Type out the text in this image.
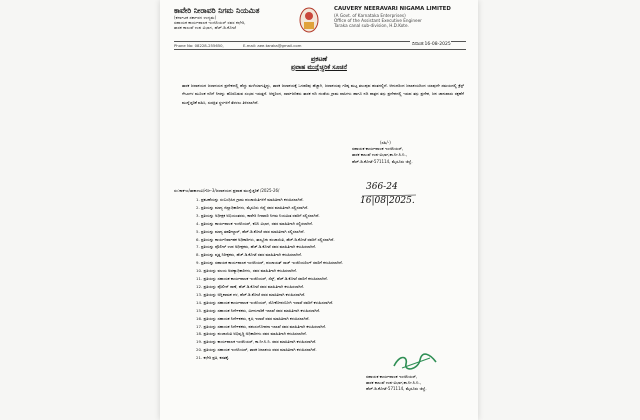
ಕಾವೇರಿ ನೀರಾವರಿ ನಿಗಮ ನಿಯಮಿತ
(ಕರ್ನಾಟಕ ಸರ್ಕಾರದ ಉದ್ಯಮ)
ಸಹಾಯಕ ಕಾರ್ಯಪಾಲಕ ಇಂಜಿನಿಯರ್ ರವರ ಕಛೇರಿ,
ತಾರಕ ಕಾಲುವೆ ಉಪ ವಿಭಾಗ, ಹೆಚ್.ಡಿ.ಕೋಟೆ
CAUVERY NEERAVARI NIGAMA LIMITED
(A Govt. of Karnataka Enterprises)
Office of the Assistant Executive Engineer
Taraka canal sub-division, H.D.Kote.
Phone No: 08228-255650,	E-mail: aee.taraka@gmail.com	ದಿನಾಂಕ:16-08-2025
ಪ್ರಕಟಣೆ
ಪ್ರವಾಹ ಮುನ್ನೆಚ್ಚರಿಕೆ ಸೂಚನೆ
ತಾರಕ ಜಲಾಶಯದ ಜಲಾನಯನ ಪ್ರದೇಶದಲ್ಲಿ ಹೆಚ್ಚು ಮಳೆಯಾಗುತ್ತಿದ್ದು, ತಾರಕ ಜಲಾಶಯಕ್ಕೆ ಒಳಹರಿವು ಹೆಚ್ಚಾಗಿ, ಜಲಾಶಯವು ಗರಿಷ್ಠ ಮಟ್ಟ ತಲುಪುವ ಹಂತದಲ್ಲಿದೆ. ಆದುದರಿಂದ ಜಲಾಶಯದಿಂದ ಯಾವುದೇ ಸಮಯದಲ್ಲಿ ಕ್ರೆಸ್ಟ್ ಗೇಟುಗಳ ಮೂಲಕ ನದಿಗೆ ನೀರನ್ನು ಹೊರಬಿಡುವ ಸಂಭವ ಇರುತ್ತದೆ. ಆದ್ದರಿಂದ, ಸಾರ್ವಜನಿಕರು ತಾರಕ ನದಿ ದಂಡೆಯ ಗ್ರಾಮ ವಾಸಿಗಳು ಹಾಗೂ ನದಿ ಪಾತ್ರದ ತಗ್ಗು ಪ್ರದೇಶದಲ್ಲಿ ಇರುವ ತಗ್ಗು ಪ್ರದೇಶ, ಜನ ಜಾನುವಾರು ರಕ್ಷಣೆಗೆ ಮುನ್ನೆಚ್ಚರಿಕೆ ವಹಿಸಿ, ಸುರಕ್ಷಿತ ಸ್ಥಳಗಳಿಗೆ ತೆರಳಲು ತಿಳಿಸಲಾಗಿದೆ.
(ಸಹಿ/-)
ಸಹಾಯಕ ಕಾರ್ಯಪಾಲಕ ಇಂಜಿನಿಯರ್,
ತಾರಕ ಕಾಲುವೆ ಉಪ-ವಿಭಾಗ,ಕಾ.ನೀ.ನಿ.ನಿ.,
ಹೆಚ್.ಡಿ.ಕೋಟೆ-571114, ಮೈಸೂರು ಜಿಲ್ಲೆ.
ಸಂ:ಕಾಕಇಂ/ತಾಕಾಉವಿ/ಗೋ-3/ಜಲಾಶಯದ ಪ್ರವಾಹ ಮುನ್ನೆಚ್ಚರಿಕೆ /2025-26/	366-24
16|08|2025.
1. ಪ್ರಕಟಣೆಯನ್ನು ಸಂಬಂಧಿಸಿದ ಗ್ರಾಮ ಪಂಚಾಯಿತಿಗಳಿಗೆ ಮಾಹಿತಿಗಾಗಿ ಕಳುಹಿಸಲಾಗಿದೆ.
2. ಪ್ರತಿಯನ್ನು ಮಾನ್ಯ ಜಿಲ್ಲಾಧಿಕಾರಿಗಳು, ಮೈಸೂರು ಜಿಲ್ಲೆ ರವರ ಮಾಹಿತಿಗಾಗಿ ಸಲ್ಲಿಸಲಾಗಿದೆ.
3. ಪ್ರತಿಯನ್ನು ಅಧೀಕ್ಷಕ ಅಭಿಯಂತರರು, ಕಾವೇರಿ ನೀರಾವರಿ ನಿಗಮ ನಿಯಮಿತ ರವರಿಗೆ ಸಲ್ಲಿಸಲಾಗಿದೆ.
4. ಪ್ರತಿಯನ್ನು ಕಾರ್ಯಪಾಲಕ ಇಂಜಿನಿಯರ್, ಕಬಿನಿ ವಿಭಾಗ, ರವರ ಮಾಹಿತಿಗಾಗಿ ಸಲ್ಲಿಸಲಾಗಿದೆ.
5. ಪ್ರತಿಯನ್ನು ಮಾನ್ಯ ತಹಶೀಲ್ದಾರ್, ಹೆಚ್.ಡಿ.ಕೋಟೆ ರವರ ಮಾಹಿತಿಗಾಗಿ ಸಲ್ಲಿಸಲಾಗಿದೆ.
6. ಪ್ರತಿಯನ್ನು ಕಾರ್ಯನಿರ್ವಾಹಕ ಅಧಿಕಾರಿಗಳು, ತಾಲ್ಲೂಕು ಪಂಚಾಯಿತಿ, ಹೆಚ್.ಡಿ.ಕೋಟೆ ರವರಿಗೆ ಸಲ್ಲಿಸಲಾಗಿದೆ.
7. ಪ್ರತಿಯನ್ನು ಪೊಲೀಸ್ ಉಪ ಅಧೀಕ್ಷಕರು, ಹೆಚ್.ಡಿ.ಕೋಟೆ ರವರ ಮಾಹಿತಿಗಾಗಿ ಕಳುಹಿಸಲಾಗಿದೆ.
8. ಪ್ರತಿಯನ್ನು ವೃತ್ತ ನಿರೀಕ್ಷಕರು, ಹೆಚ್.ಡಿ.ಕೋಟೆ ರವರ ಮಾಹಿತಿಗಾಗಿ ಕಳುಹಿಸಲಾಗಿದೆ.
9. ಪ್ರತಿಯನ್ನು ಸಹಾಯಕ ಕಾರ್ಯಪಾಲಕ ಇಂಜಿನಿಯರ್, ಪಂಚಾಯತ್ ರಾಜ್ ಇಂಜಿನಿಯರಿಂಗ್ ರವರಿಗೆ ಕಳುಹಿಸಲಾಗಿದೆ.
10. ಪ್ರತಿಯನ್ನು ವಲಯ ಅರಣ್ಯಾಧಿಕಾರಿಗಳು, ರವರ ಮಾಹಿತಿಗಾಗಿ ಕಳುಹಿಸಲಾಗಿದೆ.
11. ಪ್ರತಿಯನ್ನು ಸಹಾಯಕ ಕಾರ್ಯಪಾಲಕ ಇಂಜಿನಿಯರ್, ಸೆಸ್ಕ್, ಹೆಚ್.ಡಿ.ಕೋಟೆ ರವರಿಗೆ ಕಳುಹಿಸಲಾಗಿದೆ.
12. ಪ್ರತಿಯನ್ನು ಪೊಲೀಸ್ ಠಾಣೆ, ಹೆಚ್.ಡಿ.ಕೋಟೆ ರವರ ಮಾಹಿತಿಗಾಗಿ ಕಳುಹಿಸಲಾಗಿದೆ.
13. ಪ್ರತಿಯನ್ನು ಅಗ್ನಿಶಾಮಕ ದಳ, ಹೆಚ್.ಡಿ.ಕೋಟೆ ರವರ ಮಾಹಿತಿಗಾಗಿ ಕಳುಹಿಸಲಾಗಿದೆ.
14. ಪ್ರತಿಯನ್ನು ಸಹಾಯಕ ಕಾರ್ಯಪಾಲಕ ಇಂಜಿನಿಯರ್, ಲೋಕೋಪಯೋಗಿ ಇಲಾಖೆ ರವರಿಗೆ ಕಳುಹಿಸಲಾಗಿದೆ.
15. ಪ್ರತಿಯನ್ನು ಸಹಾಯಕ ನಿರ್ದೇಶಕರು, ಮೀನುಗಾರಿಕೆ ಇಲಾಖೆ ರವರ ಮಾಹಿತಿಗಾಗಿ ಕಳುಹಿಸಲಾಗಿದೆ.
16. ಪ್ರತಿಯನ್ನು ಸಹಾಯಕ ನಿರ್ದೇಶಕರು, ಕೃಷಿ ಇಲಾಖೆ ರವರ ಮಾಹಿತಿಗಾಗಿ ಕಳುಹಿಸಲಾಗಿದೆ.
17. ಪ್ರತಿಯನ್ನು ಸಹಾಯಕ ನಿರ್ದೇಶಕರು, ಪಶುಸಂಗೋಪನಾ ಇಲಾಖೆ ರವರ ಮಾಹಿತಿಗಾಗಿ ಕಳುಹಿಸಲಾಗಿದೆ.
18. ಪ್ರತಿಯನ್ನು ಪಂಚಾಯಿತಿ ಅಭಿವೃದ್ಧಿ ಅಧಿಕಾರಿಗಳು ರವರ ಮಾಹಿತಿಗಾಗಿ ಕಳುಹಿಸಲಾಗಿದೆ.
19. ಪ್ರತಿಯನ್ನು ಕಾರ್ಯಪಾಲಕ ಇಂಜಿನಿಯರ್, ಕಾ.ನೀ.ನಿ.ನಿ. ರವರ ಮಾಹಿತಿಗಾಗಿ ಕಳುಹಿಸಲಾಗಿದೆ.
20. ಪ್ರತಿಯನ್ನು ಸಹಾಯಕ ಇಂಜಿನಿಯರ್, ತಾರಕ ಜಲಾಶಯ ರವರ ಮಾಹಿತಿಗಾಗಿ ಕಳುಹಿಸಲಾಗಿದೆ.
21. ಕಛೇರಿ ಪ್ರತಿ, ಕಡತಕ್ಕೆ.
ಸಹಾಯಕ ಕಾರ್ಯಪಾಲಕ ಇಂಜಿನಿಯರ್,
ತಾರಕ ಕಾಲುವೆ ಉಪ-ವಿಭಾಗ,ಕಾ.ನೀ.ನಿ.ನಿ.,
ಹೆಚ್.ಡಿ.ಕೋಟೆ-571114, ಮೈಸೂರು ಜಿಲ್ಲೆ.
